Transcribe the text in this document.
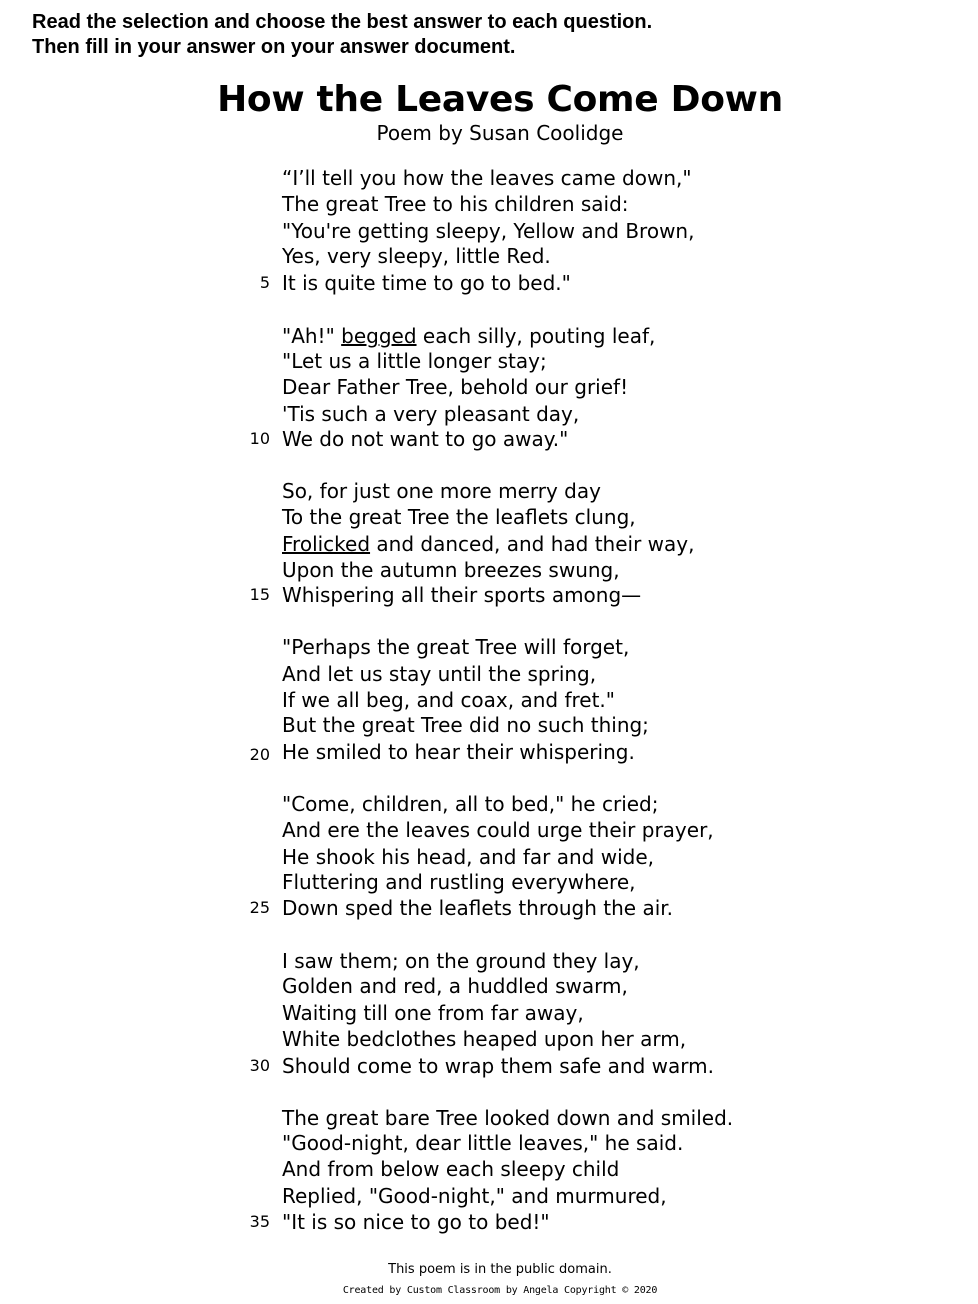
Read the selection and choose the best answer to each question.
Then fill in your answer on your answer document.
How the Leaves Come Down
Poem by Susan Coolidge
“I’ll tell you how the leaves came down,"
The great Tree to his children said:
"You're getting sleepy, Yellow and Brown,
Yes, very sleepy, little Red.
It is quite time to go to bed."
5
"Ah!" begged each silly, pouting leaf,
"Let us a little longer stay;
Dear Father Tree, behold our grief!
'Tis such a very pleasant day,
We do not want to go away."
10
So, for just one more merry day
To the great Tree the leaflets clung,
Frolicked and danced, and had their way,
Upon the autumn breezes swung,
Whispering all their sports among—
15
"Perhaps the great Tree will forget,
And let us stay until the spring,
If we all beg, and coax, and fret."
But the great Tree did no such thing;
He smiled to hear their whispering.
20
"Come, children, all to bed," he cried;
And ere the leaves could urge their prayer,
He shook his head, and far and wide,
Fluttering and rustling everywhere,
Down sped the leaflets through the air.
25
I saw them; on the ground they lay,
Golden and red, a huddled swarm,
Waiting till one from far away,
White bedclothes heaped upon her arm,
Should come to wrap them safe and warm.
30
The great bare Tree looked down and smiled.
"Good-night, dear little leaves," he said.
And from below each sleepy child
Replied, "Good-night," and murmured,
"It is so nice to go to bed!"
35
This poem is in the public domain.
Created by Custom Classroom by Angela Copyright © 2020
